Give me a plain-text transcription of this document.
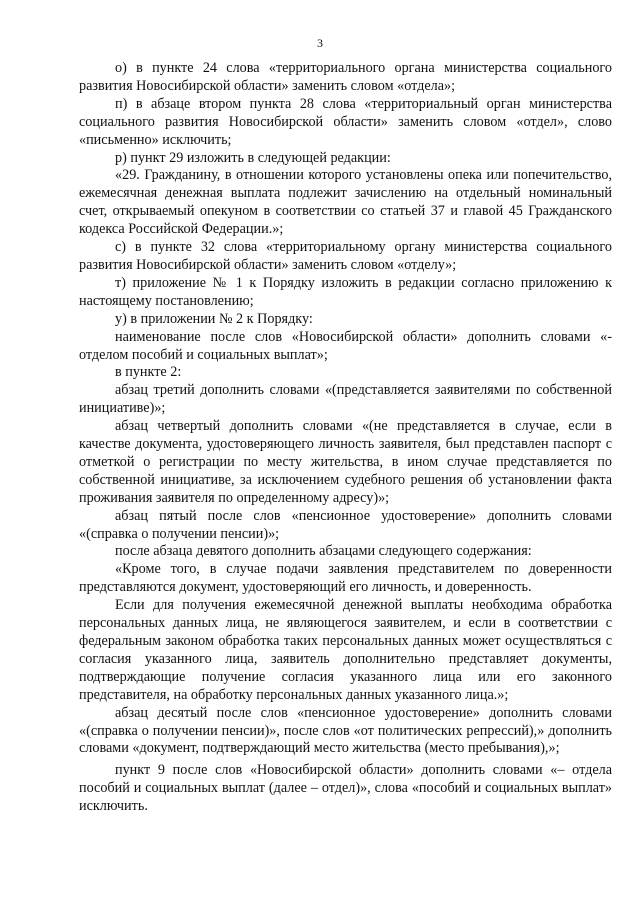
3

о) в пункте 24 слова «территориального органа министерства социального развития Новосибирской области» заменить словом «отдела»;

п) в абзаце втором пункта 28 слова «территориальный орган министерства социального развития Новосибирской области» заменить словом «отдел», слово «письменно» исключить;

р) пункт 29 изложить в следующей редакции:

«29. Гражданину, в отношении которого установлены опека или попечительство, ежемесячная денежная выплата подлежит зачислению на отдельный номинальный счет, открываемый опекуном в соответствии со статьей 37 и главой 45 Гражданского кодекса Российской Федерации.»;

с) в пункте 32 слова «территориальному органу министерства социального развития Новосибирской области» заменить словом «отделу»;

т) приложение № 1 к Порядку изложить в редакции согласно приложению к настоящему постановлению;

у) в приложении № 2 к Порядку:

наименование после слов «Новосибирской области» дополнить словами «- отделом пособий и социальных выплат»;

в пункте 2:

абзац третий дополнить словами «(представляется заявителями по собственной инициативе)»;

абзац четвертый дополнить словами «(не представляется в случае, если в качестве документа, удостоверяющего личность заявителя, был представлен паспорт с отметкой о регистрации по месту жительства, в ином случае представляется по собственной инициативе, за исключением судебного решения об установлении факта проживания заявителя по определенному адресу)»;

абзац пятый после слов «пенсионное удостоверение» дополнить словами «(справка о получении пенсии)»;

после абзаца девятого дополнить абзацами следующего содержания:

«Кроме того, в случае подачи заявления представителем по доверенности представляются документ, удостоверяющий его личность, и доверенность.

Если для получения ежемесячной денежной выплаты необходима обработка персональных данных лица, не являющегося заявителем, и если в соответствии с федеральным законом обработка таких персональных данных может осуществляться с согласия указанного лица, заявитель дополнительно представляет документы, подтверждающие получение согласия указанного лица или его законного представителя, на обработку персональных данных указанного лица.»;

абзац десятый после слов «пенсионное удостоверение» дополнить словами «(справка о получении пенсии)», после слов «от политических репрессий),» дополнить словами «документ, подтверждающий место жительства (место пребывания),»;

пункт 9 после слов «Новосибирской области» дополнить словами «– отдела пособий и социальных выплат (далее – отдел)», слова «пособий и социальных выплат» исключить.
